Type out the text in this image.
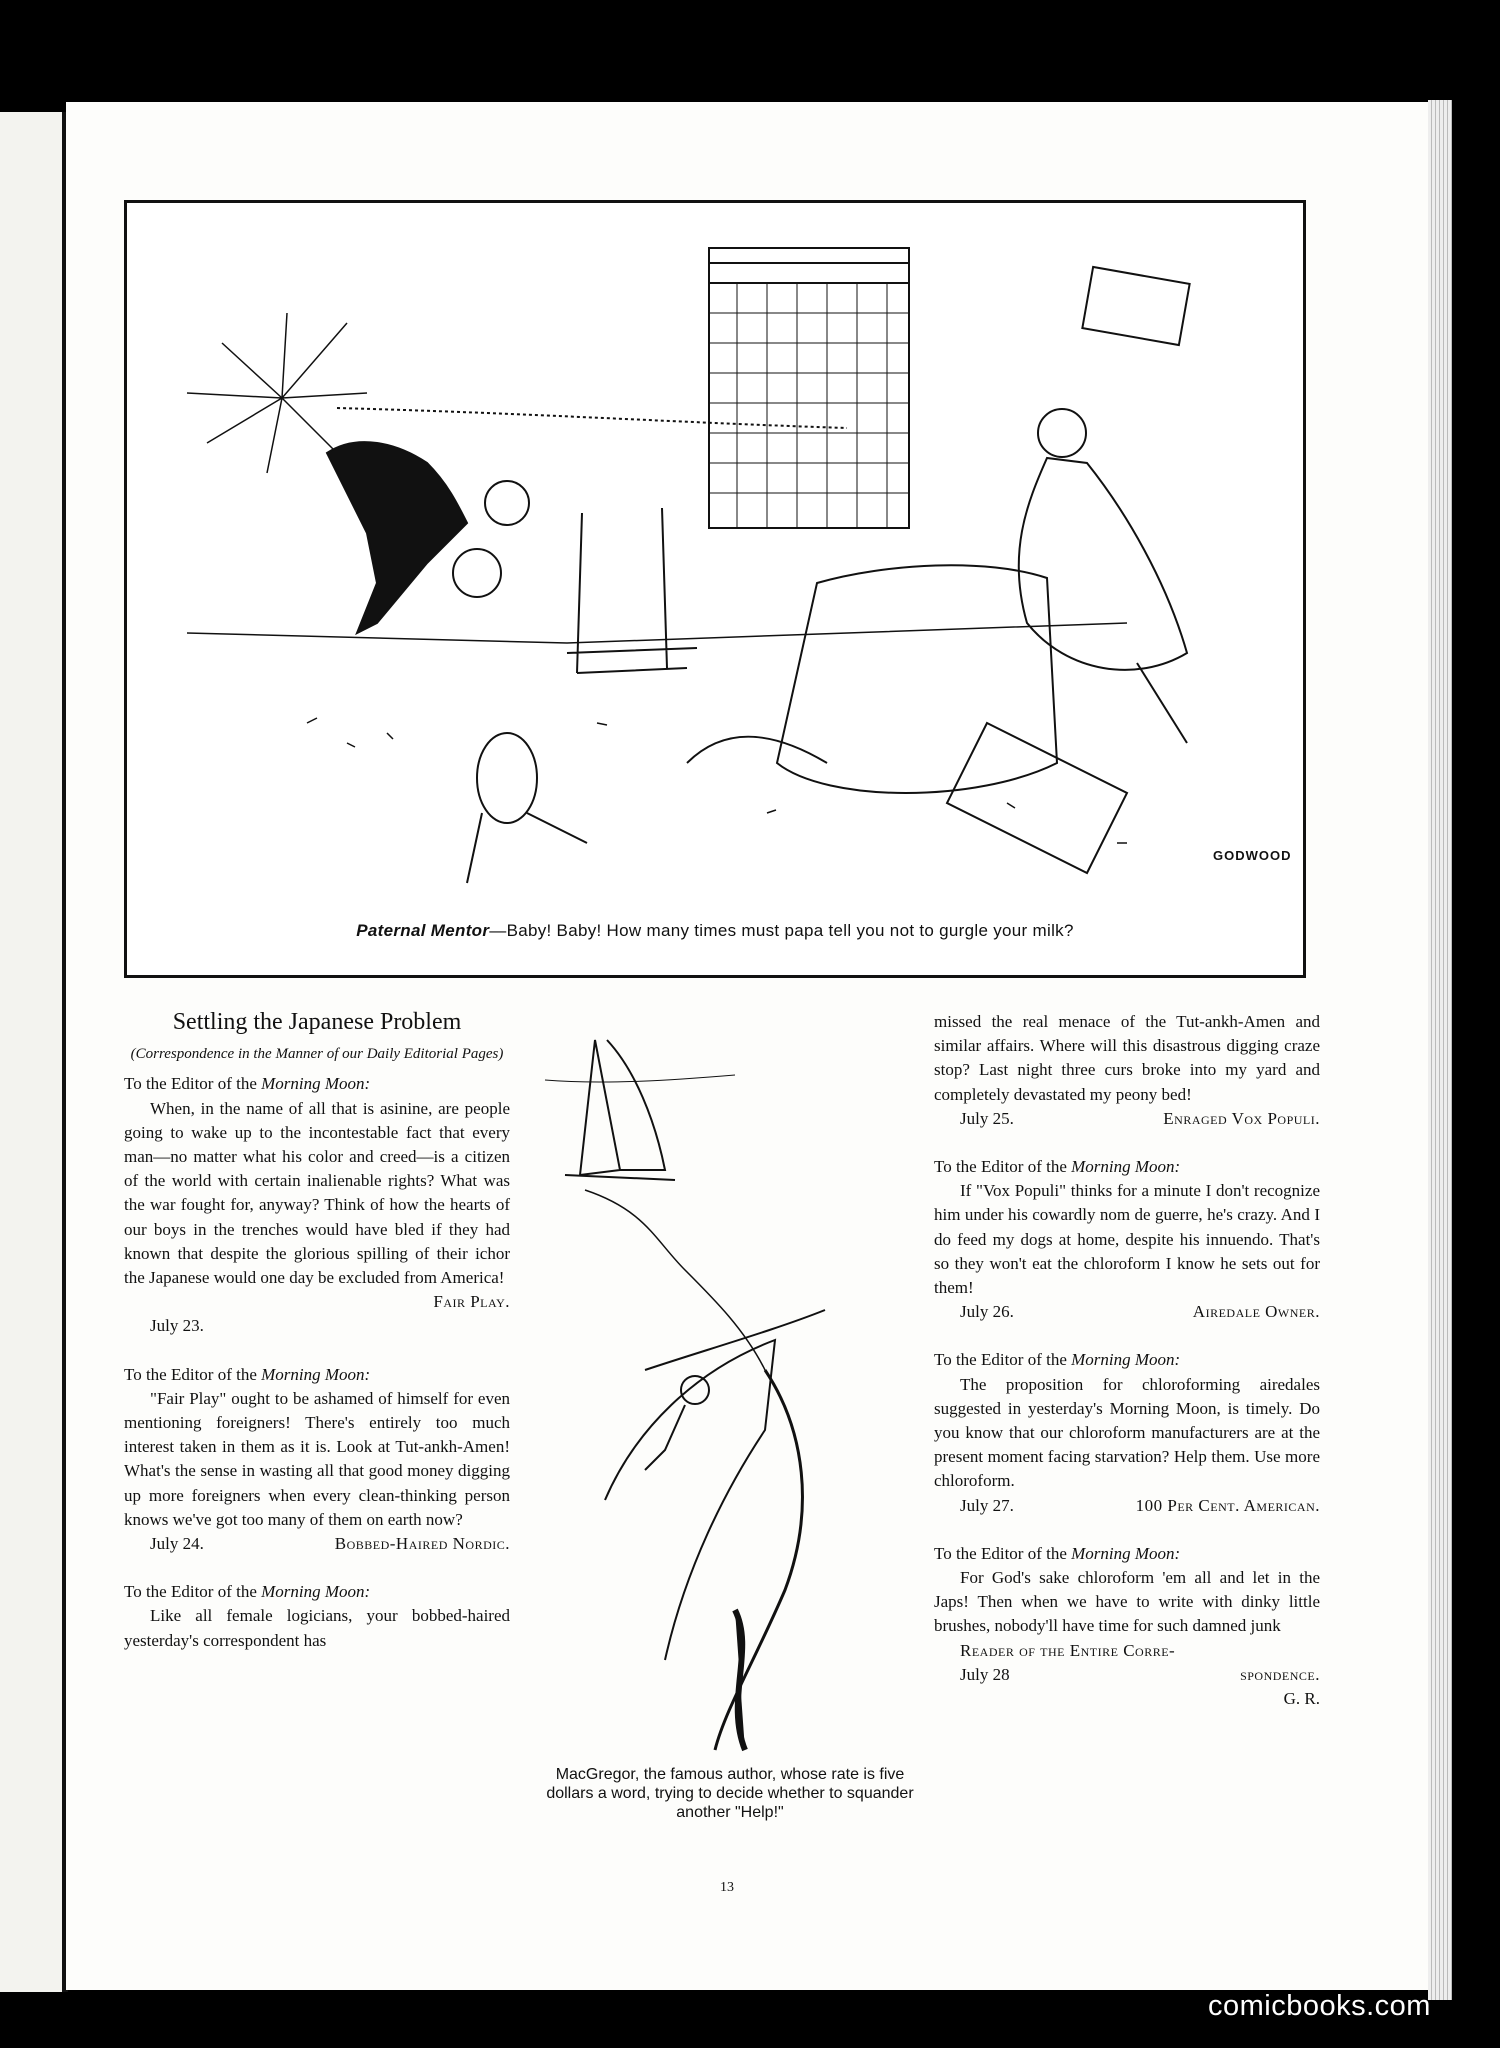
GODWOOD
Paternal Mentor—Baby! Baby! How many times must papa tell you not to gurgle your milk?

Settling the Japanese Problem

(Correspondence in the Manner of our Daily Editorial Pages)

To the Editor of the Morning Moon:

When, in the name of all that is asinine, are people going to wake up to the incontestable fact that every man—no matter what his color and creed—is a citizen of the world with certain inalienable rights? What was the war fought for, anyway? Think of how the hearts of our boys in the trenches would have bled if they had known that despite the glorious spilling of their ichor the Japanese would one day be excluded from America!

Fair Play.

July 23.

To the Editor of the Morning Moon:

"Fair Play" ought to be ashamed of himself for even mentioning foreigners! There's entirely too much interest taken in them as it is. Look at Tut-ankh-Amen! What's the sense in wasting all that good money digging up more foreigners when every clean-thinking person knows we've got too many of them on earth now?

July 24.	Bobbed-Haired Nordic.

To the Editor of the Morning Moon:

Like all female logicians, your bobbed-haired yesterday's correspondent has

MacGregor, the famous author, whose rate is five dollars a word, trying to decide whether to squander another "Help!"

missed the real menace of the Tut-ankh-Amen and similar affairs. Where will this disastrous digging craze stop? Last night three curs broke into my yard and completely devastated my peony bed!

July 25.	Enraged Vox Populi.

To the Editor of the Morning Moon:

If "Vox Populi" thinks for a minute I don't recognize him under his cowardly nom de guerre, he's crazy. And I do feed my dogs at home, despite his innuendo. That's so they won't eat the chloroform I know he sets out for them!

July 26.	Airedale Owner.

To the Editor of the Morning Moon:

The proposition for chloroforming airedales suggested in yesterday's Morning Moon, is timely. Do you know that our chloroform manufacturers are at the present moment facing starvation? Help them. Use more chloroform.

July 27.	100 Per Cent. American.

To the Editor of the Morning Moon:

For God's sake chloroform 'em all and let in the Japs! Then when we have to write with dinky little brushes, nobody'll have time for such damned junk

Reader of the Entire Corre-

July 28	spondence.

G. R.

13
comicbooks.com
